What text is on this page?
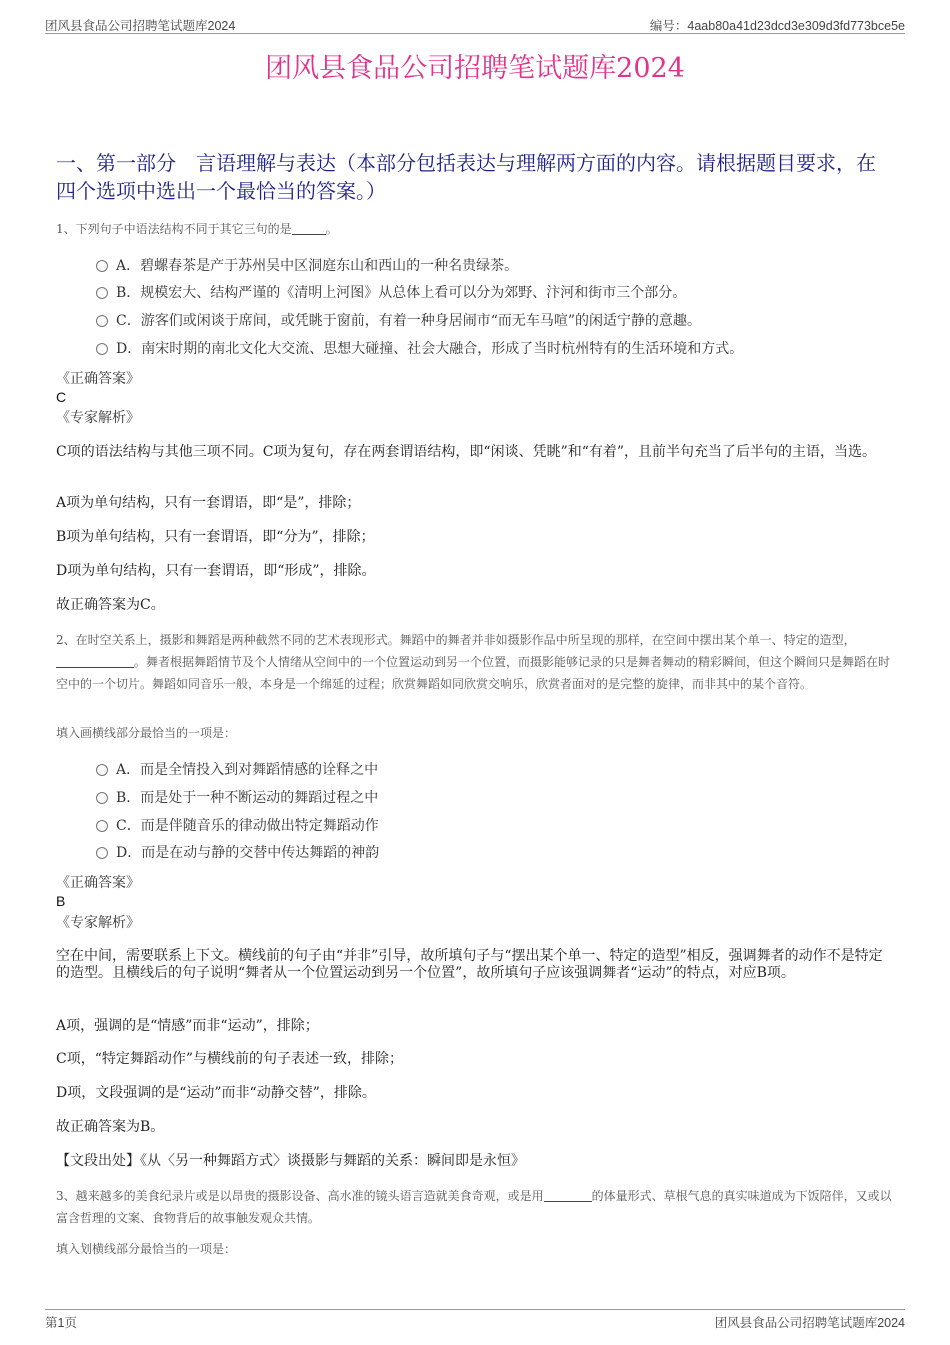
团风县食品公司招聘笔试题库2024	编号：4aab80a41d23dcd3e309d3fd773bce5e
团风县食品公司招聘笔试题库2024
一、第一部分　言语理解与表达（本部分包括表达与理解两方面的内容。请根据题目要求，在四个选项中选出一个最恰当的答案。）
1、下列句子中语法结构不同于其它三句的是	。
A．碧螺春茶是产于苏州吴中区洞庭东山和西山的一种名贵绿茶。
B．规模宏大、结构严谨的《清明上河图》从总体上看可以分为郊野、汴河和街市三个部分。
C．游客们或闲谈于席间，或凭眺于窗前，有着一种身居闹市“而无车马喧”的闲适宁静的意趣。
D．南宋时期的南北文化大交流、思想大碰撞、社会大融合，形成了当时杭州特有的生活环境和方式。
《正确答案》
C
《专家解析》
C项的语法结构与其他三项不同。C项为复句，存在两套谓语结构，即“闲谈、凭眺”和“有着”，且前半句充当了后半句的主语，当选。
A项为单句结构，只有一套谓语，即“是”，排除；
B项为单句结构，只有一套谓语，即“分为”，排除；
D项为单句结构，只有一套谓语，即“形成”，排除。
故正确答案为C。
2、在时空关系上，摄影和舞蹈是两种截然不同的艺术表现形式。舞蹈中的舞者并非如摄影作品中所呈现的那样，在空间中摆出某个单一、特定的造型，。舞者根据舞蹈情节及个人情绪从空间中的一个位置运动到另一个位置，而摄影能够记录的只是舞者舞动的精彩瞬间，但这个瞬间只是舞蹈在时空中的一个切片。舞蹈如同音乐一般，本身是一个绵延的过程；欣赏舞蹈如同欣赏交响乐，欣赏者面对的是完整的旋律，而非其中的某个音符。
填入画横线部分最恰当的一项是：
A．而是全情投入到对舞蹈情感的诠释之中
B．而是处于一种不断运动的舞蹈过程之中
C．而是伴随音乐的律动做出特定舞蹈动作
D．而是在动与静的交替中传达舞蹈的神韵
《正确答案》
B
《专家解析》
空在中间，需要联系上下文。横线前的句子由“并非”引导，故所填句子与“摆出某个单一、特定的造型”相反，强调舞者的动作不是特定的造型。且横线后的句子说明“舞者从一个位置运动到另一个位置”，故所填句子应该强调舞者“运动”的特点，对应B项。
A项，强调的是“情感”而非“运动”，排除；
C项，“特定舞蹈动作”与横线前的句子表述一致，排除；
D项，文段强调的是“运动”而非“动静交替”，排除。
故正确答案为B。
【文段出处】《从〈另一种舞蹈方式〉谈摄影与舞蹈的关系：瞬间即是永恒》
3、越来越多的美食纪录片或是以昂贵的摄影设备、高水准的镜头语言造就美食奇观，或是用	的体量形式、草根气息的真实味道成为下饭陪伴，又或以富含哲理的文案、食物背后的故事触发观众共情。
填入划横线部分最恰当的一项是：
第1页	团风县食品公司招聘笔试题库2024
